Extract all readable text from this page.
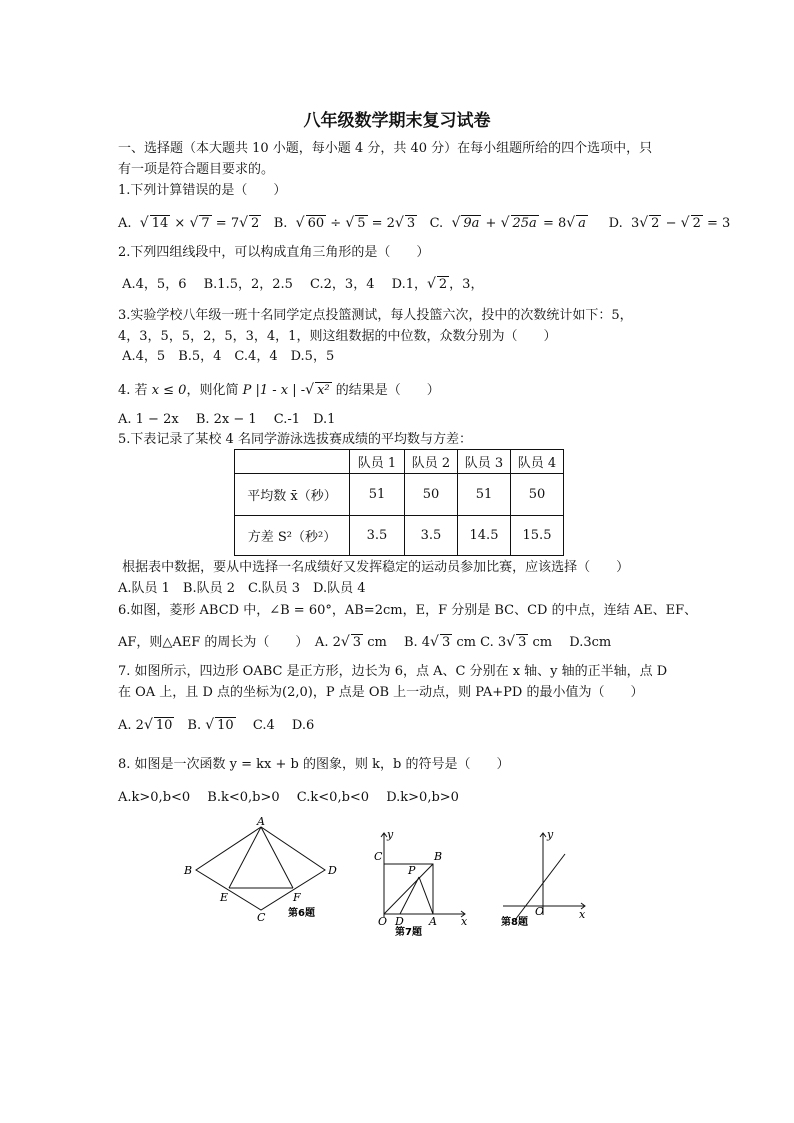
八年级数学期末复习试卷
一、选择题（本大题共 10 小题，每小题 4 分，共 40 分）在每小组题所给的四个选项中，只
有一项是符合题目要求的。
1.下列计算错误的是（　　）
A. √ 14 × √ 7 = 7√ 2 B. √ 60 ÷ √ 5 = 2√ 3 C. √ 9a + √ 25a = 8√ a D. 3√ 2 − √ 2 = 3
2.下列四组线段中，可以构成直角三角形的是（　　）
A.4，5，6　 B.1.5，2，2.5　 C.2，3，4　 D.1，√ 2 ，3，
3.实验学校八年级一班十名同学定点投篮测试，每人投篮六次，投中的次数统计如下：5，
4，3，5，5，2，5，3，4，1，则这组数据的中位数，众数分别为（　　）
A.4，5　B.5，4　C.4，4　D.5，5
4. 若 x ≤ 0，则化简 P |1 - x | -√ x² 的结果是（　　）
A. 1 − 2x　 B. 2x − 1　 C.-1　D.1
5.下表记录了某校 4 名同学游泳选拔赛成绩的平均数与方差：
	队员 1	队员 2	队员 3	队员 4
平均数 x̄（秒）	51	50	51	50
方差 S²（秒²）	3.5	3.5	14.5	15.5
根据表中数据，要从中选择一名成绩好又发挥稳定的运动员参加比赛，应该选择（　　）
A.队员 1　B.队员 2　C.队员 3　D.队员 4
6.如图，菱形 ABCD 中，∠B = 60°，AB=2cm，E，F 分别是 BC、CD 的中点，连结 AE、EF、
AF，则△AEF 的周长为（　　）　A. 2√ 3 cm　 B. 4√ 3 cm C. 3√ 3 cm　 D.3cm
7. 如图所示，四边形 OABC 是正方形，边长为 6，点 A、C 分别在 x 轴、y 轴的正半轴，点 D
在 OA 上，且 D 点的坐标为(2,0)，P 点是 OB 上一动点，则 PA+PD 的最小值为（　　）
A. 2√ 10　B. √ 10　 C.4　 D.6
8. 如图是一次函数 y = kx + b 的图象，则 k，b 的符号是（　　）
A.k>0,b<0　 B.k<0,b>0　 C.k<0,b<0　 D.k>0,b>0
A
B
C
D
E	F
第6题
y
x
C	B
P
O D A
第7题
y
x
O
第8题
